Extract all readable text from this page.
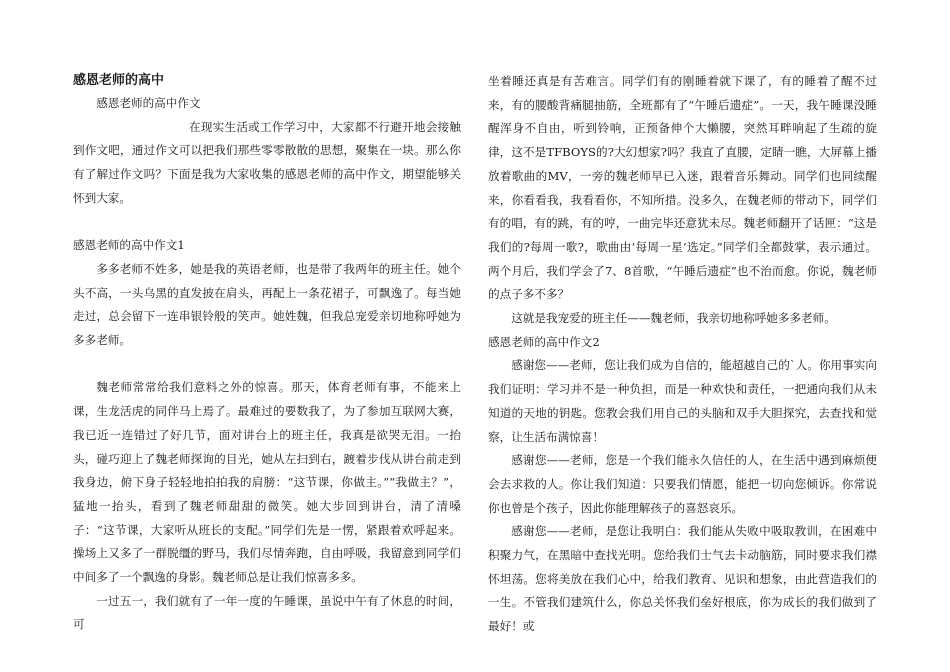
感恩老师的高中

感恩老师的高中作文

在现实生活或工作学习中，大家都不行避开地会接触到作文吧，通过作文可以把我们那些零零散散的思想，聚集在一块。那么你有了解过作文吗？下面是我为大家收集的感恩老师的高中作文，期望能够关怀到大家。

感恩老师的高中作文1

多多老师不姓多，她是我的英语老师，也是带了我两年的班主任。她个头不高，一头乌黑的直发披在肩头，再配上一条花裙子，可飘逸了。每当她走过，总会留下一连串银铃般的笑声。她姓魏，但我总宠爱亲切地称呼她为多多老师。

魏老师常常给我们意料之外的惊喜。那天，体育老师有事，不能来上课，生龙活虎的同伴马上焉了。最难过的要数我了，为了参加互联网大赛，我已近一连错过了好几节，面对讲台上的班主任，我真是欲哭无泪。一抬头，碰巧迎上了魏老师探询的目光，她从左扫到右，踱着步伐从讲台前走到我身边，俯下身子轻轻地拍拍我的肩膀：“这节课，你做主。”“我做主？”，猛地一抬头，看到了魏老师甜甜的微笑。她大步回到讲台，清了清嗓子：“这节课，大家听从班长的支配。”同学们先是一愣，紧跟着欢呼起来。操场上又多了一群脱缰的野马，我们尽情奔跑，自由呼吸，我留意到同学们中间多了一个飘逸的身影。魏老师总是让我们惊喜多多。

一过五一，我们就有了一年一度的午睡课，虽说中午有了休息的时间，可

坐着睡还真是有苦难言。同学们有的刚睡着就下课了，有的睡着了醒不过来，有的腰酸背痛腿抽筋，全班都有了“午睡后遗症”。一天，我午睡课没睡醒浑身不自由，听到铃响，正预备伸个大懒腰，突然耳畔响起了生疏的旋律，这不是TFBOYS的?大幻想家?吗？我直了直腰，定睛一瞧，大屏幕上播放着歌曲的MV，一旁的魏老师早已入迷，跟着音乐舞动。同学们也同续醒来，你看看我，我看看你，不知所措。没多久，在魏老师的带动下，同学们有的唱，有的跳，有的哼，一曲完毕还意犹未尽。魏老师翻开了话匣：“这是我们的?每周一歌?，歌曲由‘每周一星’选定。”同学们全都鼓掌，表示通过。两个月后，我们学会了7、8首歌，“午睡后遗症”也不治而愈。你说，魏老师的点子多不多？

这就是我宠爱的班主任——魏老师，我亲切地称呼她多多老师。

感恩老师的高中作文2

感谢您——老师，您让我们成为自信的，能超越自己的`人。你用事实向我们证明：学习并不是一种负担，而是一种欢快和责任，一把通向我们从未知道的天地的钥匙。您教会我们用自己的头脑和双手大胆探究，去查找和觉察，让生活布满惊喜！

感谢您——老师，您是一个我们能永久信任的人，在生活中遇到麻烦便会去求救的人。你让我们知道：只要我们情愿，能把一切向您倾诉。你常说你也曾是个孩子，因此你能理解孩子的喜怒哀乐。

感谢您——老师，是您让我明白：我们能从失败中吸取教训，在困难中积聚力气，在黑暗中查找光明。您给我们士气去卡动脑筋，同时要求我们襟怀坦荡。您将美放在我们心中，给我们教育、见识和想象，由此营造我们的一生。不管我们建筑什么，你总关怀我们垒好根底，你为成长的我们做到了最好！或
